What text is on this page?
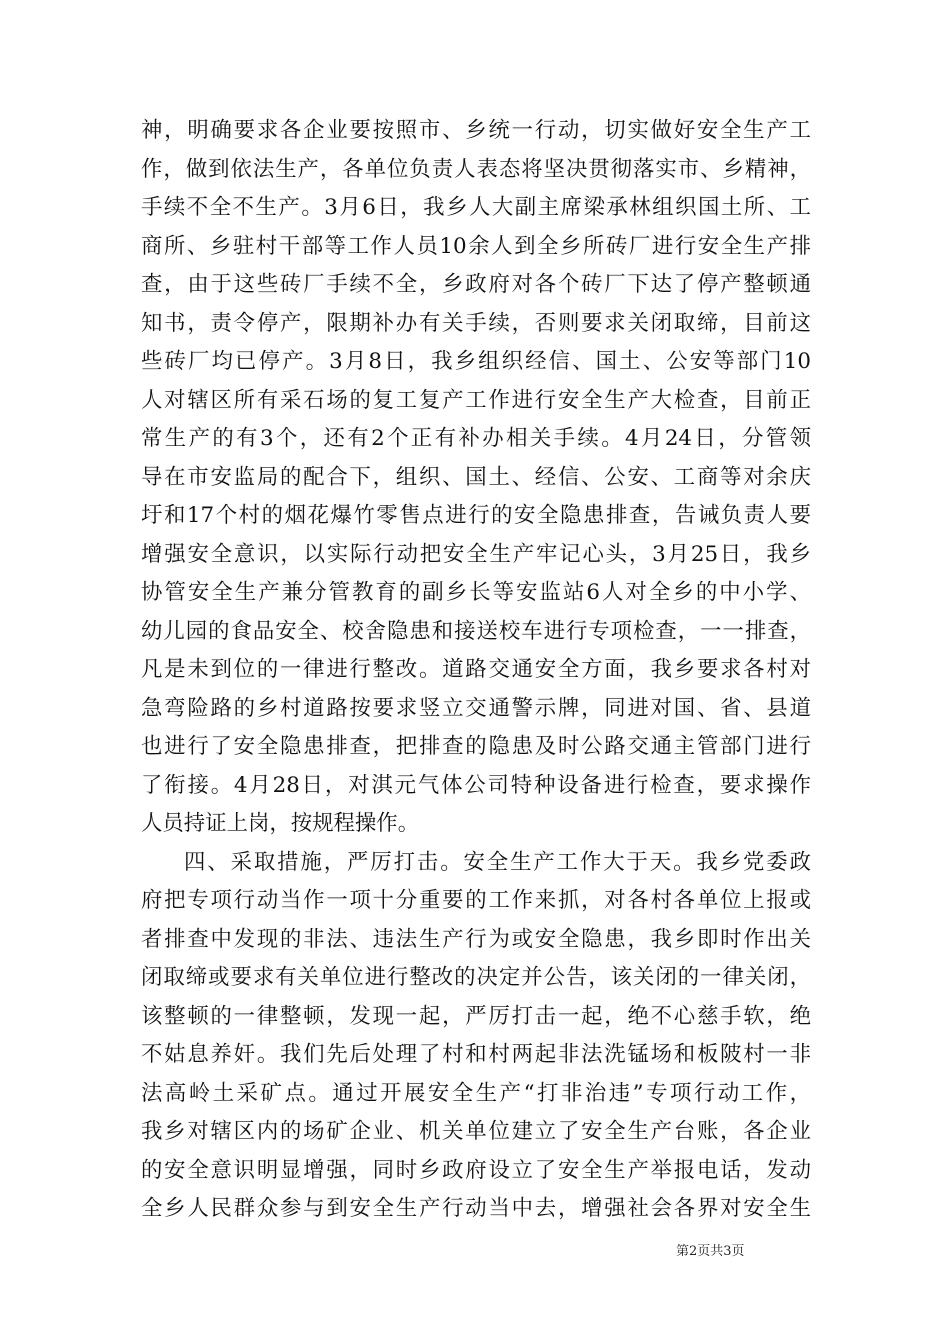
神，明确要求各企业要按照市、乡统一行动，切实做好安全生产工
作，做到依法生产，各单位负责人表态将坚决贯彻落实市、乡精神，
手续不全不生产。3月6日，我乡人大副主席梁承林组织国土所、工
商所、乡驻村干部等工作人员10余人到全乡所砖厂进行安全生产排
查，由于这些砖厂手续不全，乡政府对各个砖厂下达了停产整顿通
知书，责令停产，限期补办有关手续，否则要求关闭取缔，目前这
些砖厂均已停产。3月8日，我乡组织经信、国土、公安等部门10
人对辖区所有采石场的复工复产工作进行安全生产大检查，目前正
常生产的有3个，还有2个正有补办相关手续。4月24日，分管领
导在市安监局的配合下，组织、国土、经信、公安、工商等对余庆
圩和17个村的烟花爆竹零售点进行的安全隐患排查，告诫负责人要
增强安全意识，以实际行动把安全生产牢记心头，3月25日，我乡
协管安全生产兼分管教育的副乡长等安监站6人对全乡的中小学、
幼儿园的食品安全、校舍隐患和接送校车进行专项检查，一一排查，
凡是未到位的一律进行整改。道路交通安全方面，我乡要求各村对
急弯险路的乡村道路按要求竖立交通警示牌，同进对国、省、县道
也进行了安全隐患排查，把排查的隐患及时公路交通主管部门进行
了衔接。4月28日，对淇元气体公司特种设备进行检查，要求操作
人员持证上岗，按规程操作。
四、采取措施，严厉打击。安全生产工作大于天。我乡党委政
府把专项行动当作一项十分重要的工作来抓，对各村各单位上报或
者排查中发现的非法、违法生产行为或安全隐患，我乡即时作出关
闭取缔或要求有关单位进行整改的决定并公告，该关闭的一律关闭，
该整顿的一律整顿，发现一起，严厉打击一起，绝不心慈手软，绝
不姑息养奸。我们先后处理了村和村两起非法洗锰场和板陂村一非
法高岭土采矿点。通过开展安全生产“打非治违”专项行动工作，
我乡对辖区内的场矿企业、机关单位建立了安全生产台账，各企业
的安全意识明显增强，同时乡政府设立了安全生产举报电话，发动
全乡人民群众参与到安全生产行动当中去，增强社会各界对安全生
第2页共3页
